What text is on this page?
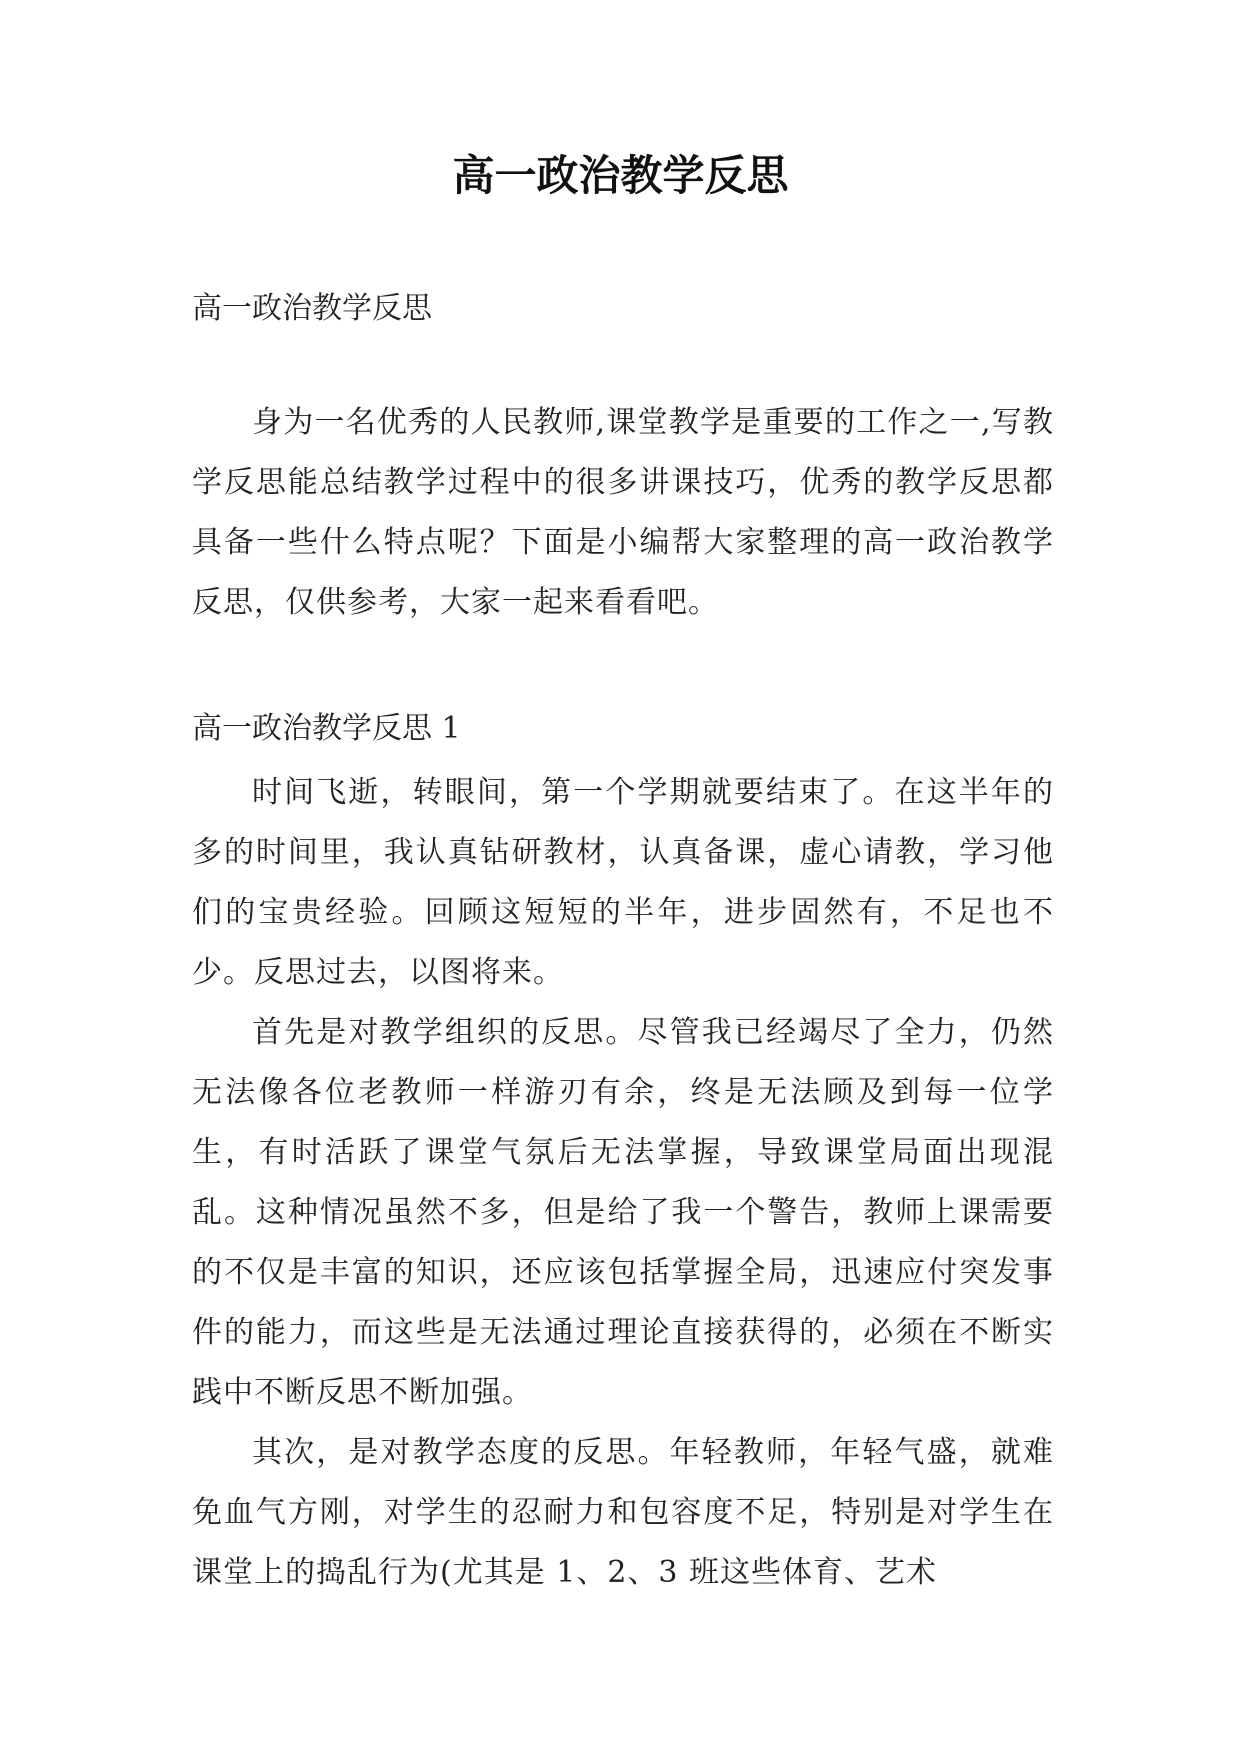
高一政治教学反思

高一政治教学反思

身为一名优秀的人民教师,课堂教学是重要的工作之一,写教学反思能总结教学过程中的很多讲课技巧，优秀的教学反思都具备一些什么特点呢？下面是小编帮大家整理的高一政治教学反思，仅供参考，大家一起来看看吧。

高一政治教学反思 1

时间飞逝，转眼间，第一个学期就要结束了。在这半年的多的时间里，我认真钻研教材，认真备课，虚心请教，学习他们的宝贵经验。回顾这短短的半年，进步固然有，不足也不少。反思过去，以图将来。

首先是对教学组织的反思。尽管我已经竭尽了全力，仍然无法像各位老教师一样游刃有余，终是无法顾及到每一位学生，有时活跃了课堂气氛后无法掌握，导致课堂局面出现混乱。这种情况虽然不多，但是给了我一个警告，教师上课需要的不仅是丰富的知识，还应该包括掌握全局，迅速应付突发事件的能力，而这些是无法通过理论直接获得的，必须在不断实践中不断反思不断加强。

其次，是对教学态度的反思。年轻教师，年轻气盛，就难免血气方刚，对学生的忍耐力和包容度不足，特别是对学生在课堂上的捣乱行为(尤其是 1、2、3 班这些体育、艺术
